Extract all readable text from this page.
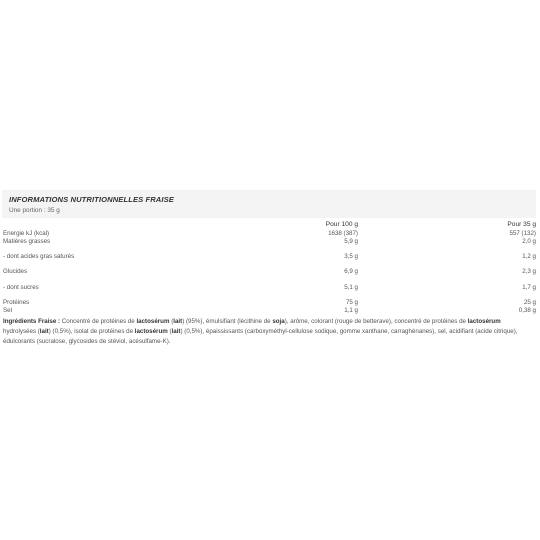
INFORMATIONS NUTRITIONNELLES FRAISE
Une portion : 35 g
Pour 100 g	Pour 35 g
Energie kJ (kcal)	1638 (387)	557 (132)
Matières grasses	5,9 g	2,0 g
- dont acides gras saturés	3,5 g	1,2 g
Glucides	6,9 g	2,3 g
- dont sucres	5,1 g	1,7 g
Protéines	75 g	25 g
Sel	1,1 g	0,38 g
Ingrédients Fraise : Concentré de protéines de lactosérum (lait) (95%), émulsifiant (lécithine de soja), arôme, colorant (rouge de betterave), concentré de protéines de lactosérum hydrolysées (lait) (0,5%), isolat de protéines de lactosérum (lait) (0,5%), épaississants (carboxyméthyl-cellulose sodique, gomme xanthane, carraghénanes), sel, acidifiant (acide citrique), édulcorants (sucralose, glycosides de stéviol, acésulfame-K).
